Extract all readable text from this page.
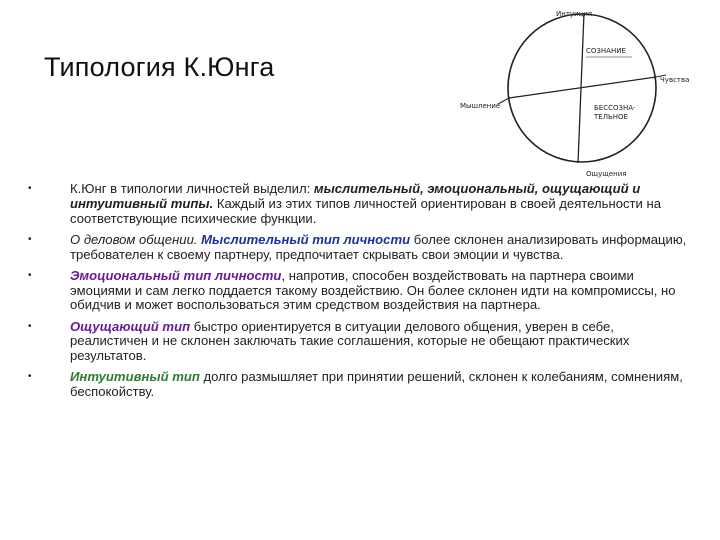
Типология К.Юнга
Интуиция
СОЗНАНИЕ
Чувства
Мышление	БЕССОЗНА-
ТЕЛЬНОЕ
Ощущения
•	К.Юнг в типологии личностей выделил: мыслительный, эмоциональный, ощущающий и интуитивный типы. Каждый из этих типов личностей ориентирован в своей деятельности на соответствующие психические функции.
•	О деловом общении. Мыслительный тип личности более склонен анализировать информацию, требователен к своему партнеру, предпочитает скрывать свои эмоции и чувства.
•	Эмоциональный тип личности, напротив, способен воздействовать на партнера своими эмоциями и сам легко поддается такому воздействию. Он более склонен идти на компромиссы, но обидчив и может воспользоваться этим средством воздействия на партнера.
•	Ощущающий тип быстро ориентируется в ситуации делового общения, уверен в себе, реалистичен и не склонен заключать такие соглашения, которые не обещают практических результатов.
•	Интуитивный тип долго размышляет при принятии решений, склонен к колебаниям, сомнениям, беспокойству.
